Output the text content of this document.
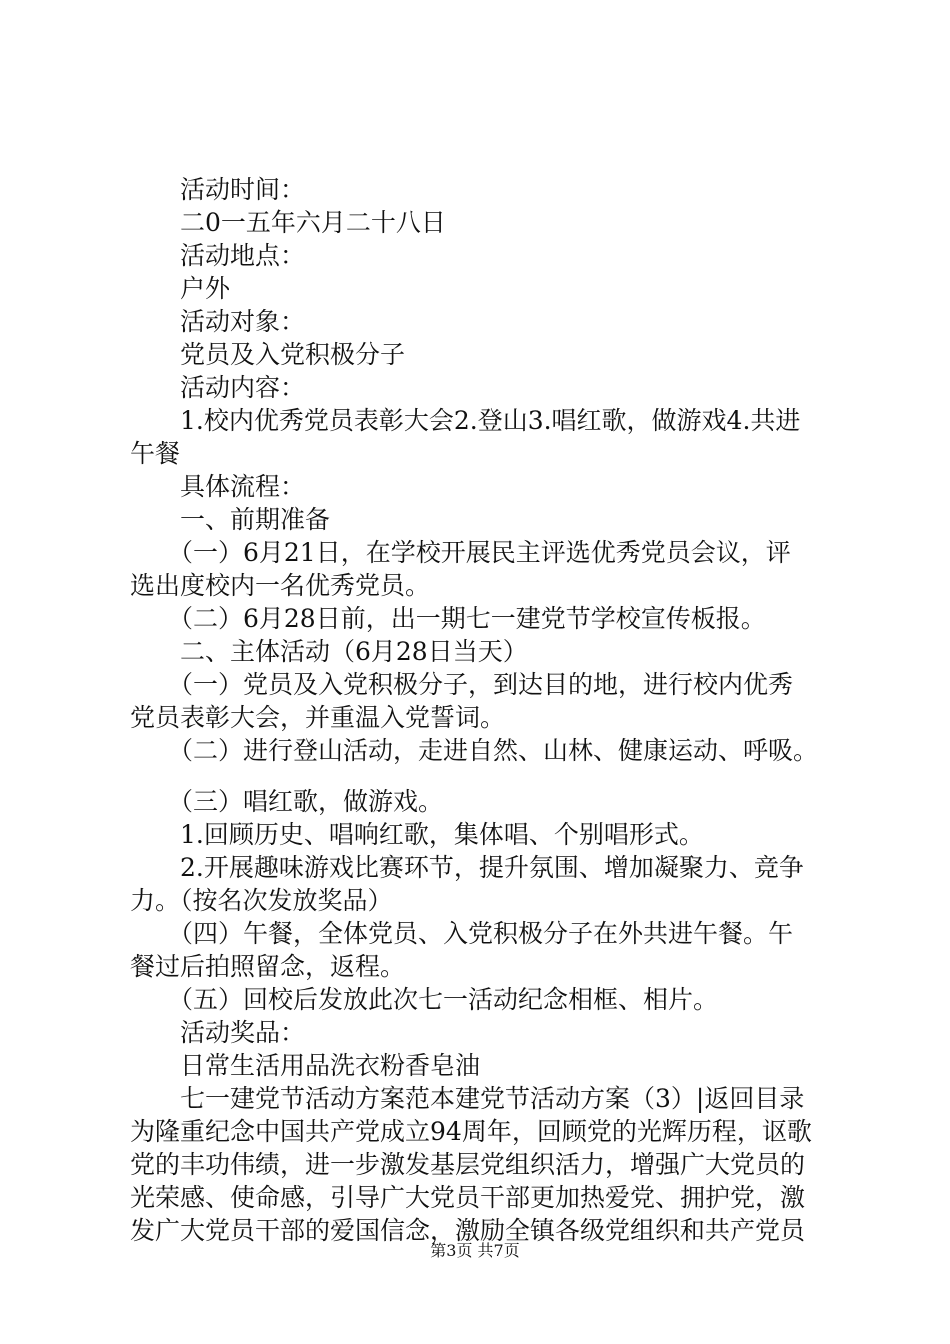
活动时间：
二0一五年六月二十八日
活动地点：
户外
活动对象：
党员及入党积极分子
活动内容：
1.校内优秀党员表彰大会2.登山3.唱红歌，做游戏4.共进
午餐
具体流程：
一、前期准备
（一）6月21日，在学校开展民主评选优秀党员会议，评
选出度校内一名优秀党员。
（二）6月28日前，出一期七一建党节学校宣传板报。
二、主体活动（6月28日当天）
（一）党员及入党积极分子，到达目的地，进行校内优秀
党员表彰大会，并重温入党誓词。
（二）进行登山活动，走进自然、山林、健康运动、呼吸。
（三）唱红歌，做游戏。
1.回顾历史、唱响红歌，集体唱、个别唱形式。
2.开展趣味游戏比赛环节，提升氛围、增加凝聚力、竞争
力。（按名次发放奖品）
（四）午餐，全体党员、入党积极分子在外共进午餐。午
餐过后拍照留念，返程。
（五）回校后发放此次七一活动纪念相框、相片。
活动奖品：
日常生活用品洗衣粉香皂油
七一建党节活动方案范本建党节活动方案（3）|返回目录
为隆重纪念中国共产党成立94周年，回顾党的光辉历程，讴歌
党的丰功伟绩，进一步激发基层党组织活力，增强广大党员的
光荣感、使命感，引导广大党员干部更加热爱党、拥护党，激
发广大党员干部的爱国信念，激励全镇各级党组织和共产党员
第3页 共7页
